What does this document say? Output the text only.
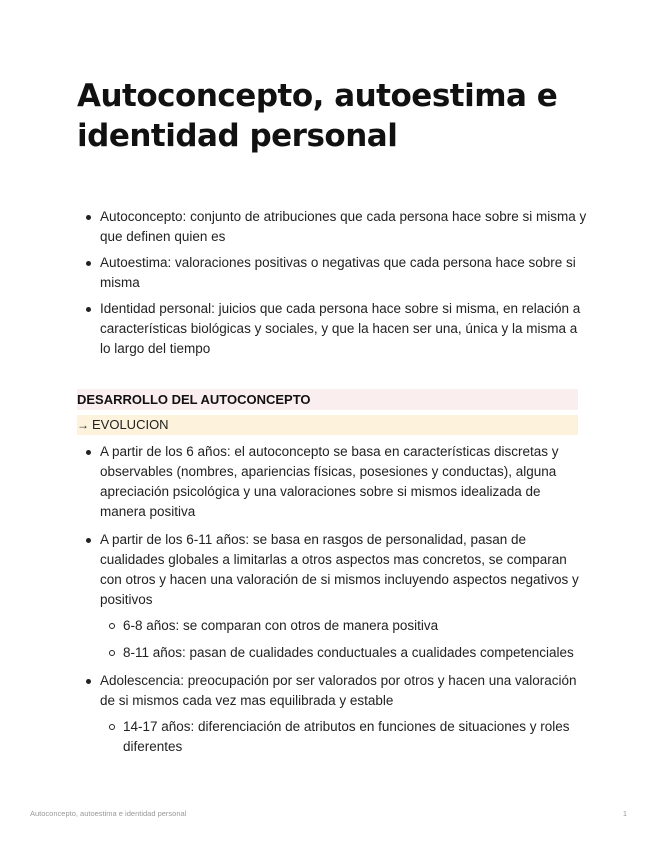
Autoconcepto, autoestima e identidad personal
Autoconcepto: conjunto de atribuciones que cada persona hace sobre si misma y que definen quien es
Autoestima: valoraciones positivas o negativas que cada persona hace sobre si misma
Identidad personal: juicios que cada persona hace sobre si misma, en relación a características biológicas y sociales, y que la hacen ser una, única y la misma a lo largo del tiempo
DESARROLLO DEL AUTOCONCEPTO
→ EVOLUCION
A partir de los 6 años: el autoconcepto se basa en características discretas y observables (nombres, apariencias físicas, posesiones y conductas), alguna apreciación psicológica y una valoraciones sobre si mismos idealizada de manera positiva
A partir de los 6-11 años: se basa en rasgos de personalidad, pasan de cualidades globales a limitarlas a otros aspectos mas concretos, se comparan con otros y hacen una valoración de si mismos incluyendo aspectos negativos y positivos
6-8 años: se comparan con otros de manera positiva
8-11 años: pasan de cualidades conductuales a cualidades competenciales
Adolescencia: preocupación por ser valorados por otros y hacen una valoración de si mismos cada vez mas equilibrada y estable
14-17 años: diferenciación de atributos en funciones de situaciones y roles diferentes
Autoconcepto, autoestima e identidad personal	1
